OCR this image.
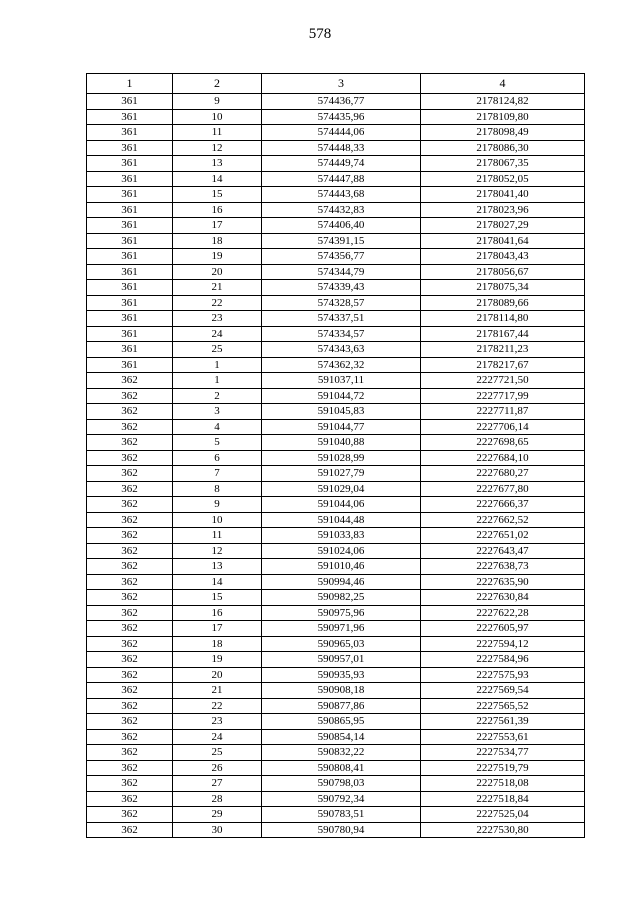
578
1	2	3	4
361	9	574436,77	2178124,82
361	10	574435,96	2178109,80
361	11	574444,06	2178098,49
361	12	574448,33	2178086,30
361	13	574449,74	2178067,35
361	14	574447,88	2178052,05
361	15	574443,68	2178041,40
361	16	574432,83	2178023,96
361	17	574406,40	2178027,29
361	18	574391,15	2178041,64
361	19	574356,77	2178043,43
361	20	574344,79	2178056,67
361	21	574339,43	2178075,34
361	22	574328,57	2178089,66
361	23	574337,51	2178114,80
361	24	574334,57	2178167,44
361	25	574343,63	2178211,23
361	1	574362,32	2178217,67
362	1	591037,11	2227721,50
362	2	591044,72	2227717,99
362	3	591045,83	2227711,87
362	4	591044,77	2227706,14
362	5	591040,88	2227698,65
362	6	591028,99	2227684,10
362	7	591027,79	2227680,27
362	8	591029,04	2227677,80
362	9	591044,06	2227666,37
362	10	591044,48	2227662,52
362	11	591033,83	2227651,02
362	12	591024,06	2227643,47
362	13	591010,46	2227638,73
362	14	590994,46	2227635,90
362	15	590982,25	2227630,84
362	16	590975,96	2227622,28
362	17	590971,96	2227605,97
362	18	590965,03	2227594,12
362	19	590957,01	2227584,96
362	20	590935,93	2227575,93
362	21	590908,18	2227569,54
362	22	590877,86	2227565,52
362	23	590865,95	2227561,39
362	24	590854,14	2227553,61
362	25	590832,22	2227534,77
362	26	590808,41	2227519,79
362	27	590798,03	2227518,08
362	28	590792,34	2227518,84
362	29	590783,51	2227525,04
362	30	590780,94	2227530,80
